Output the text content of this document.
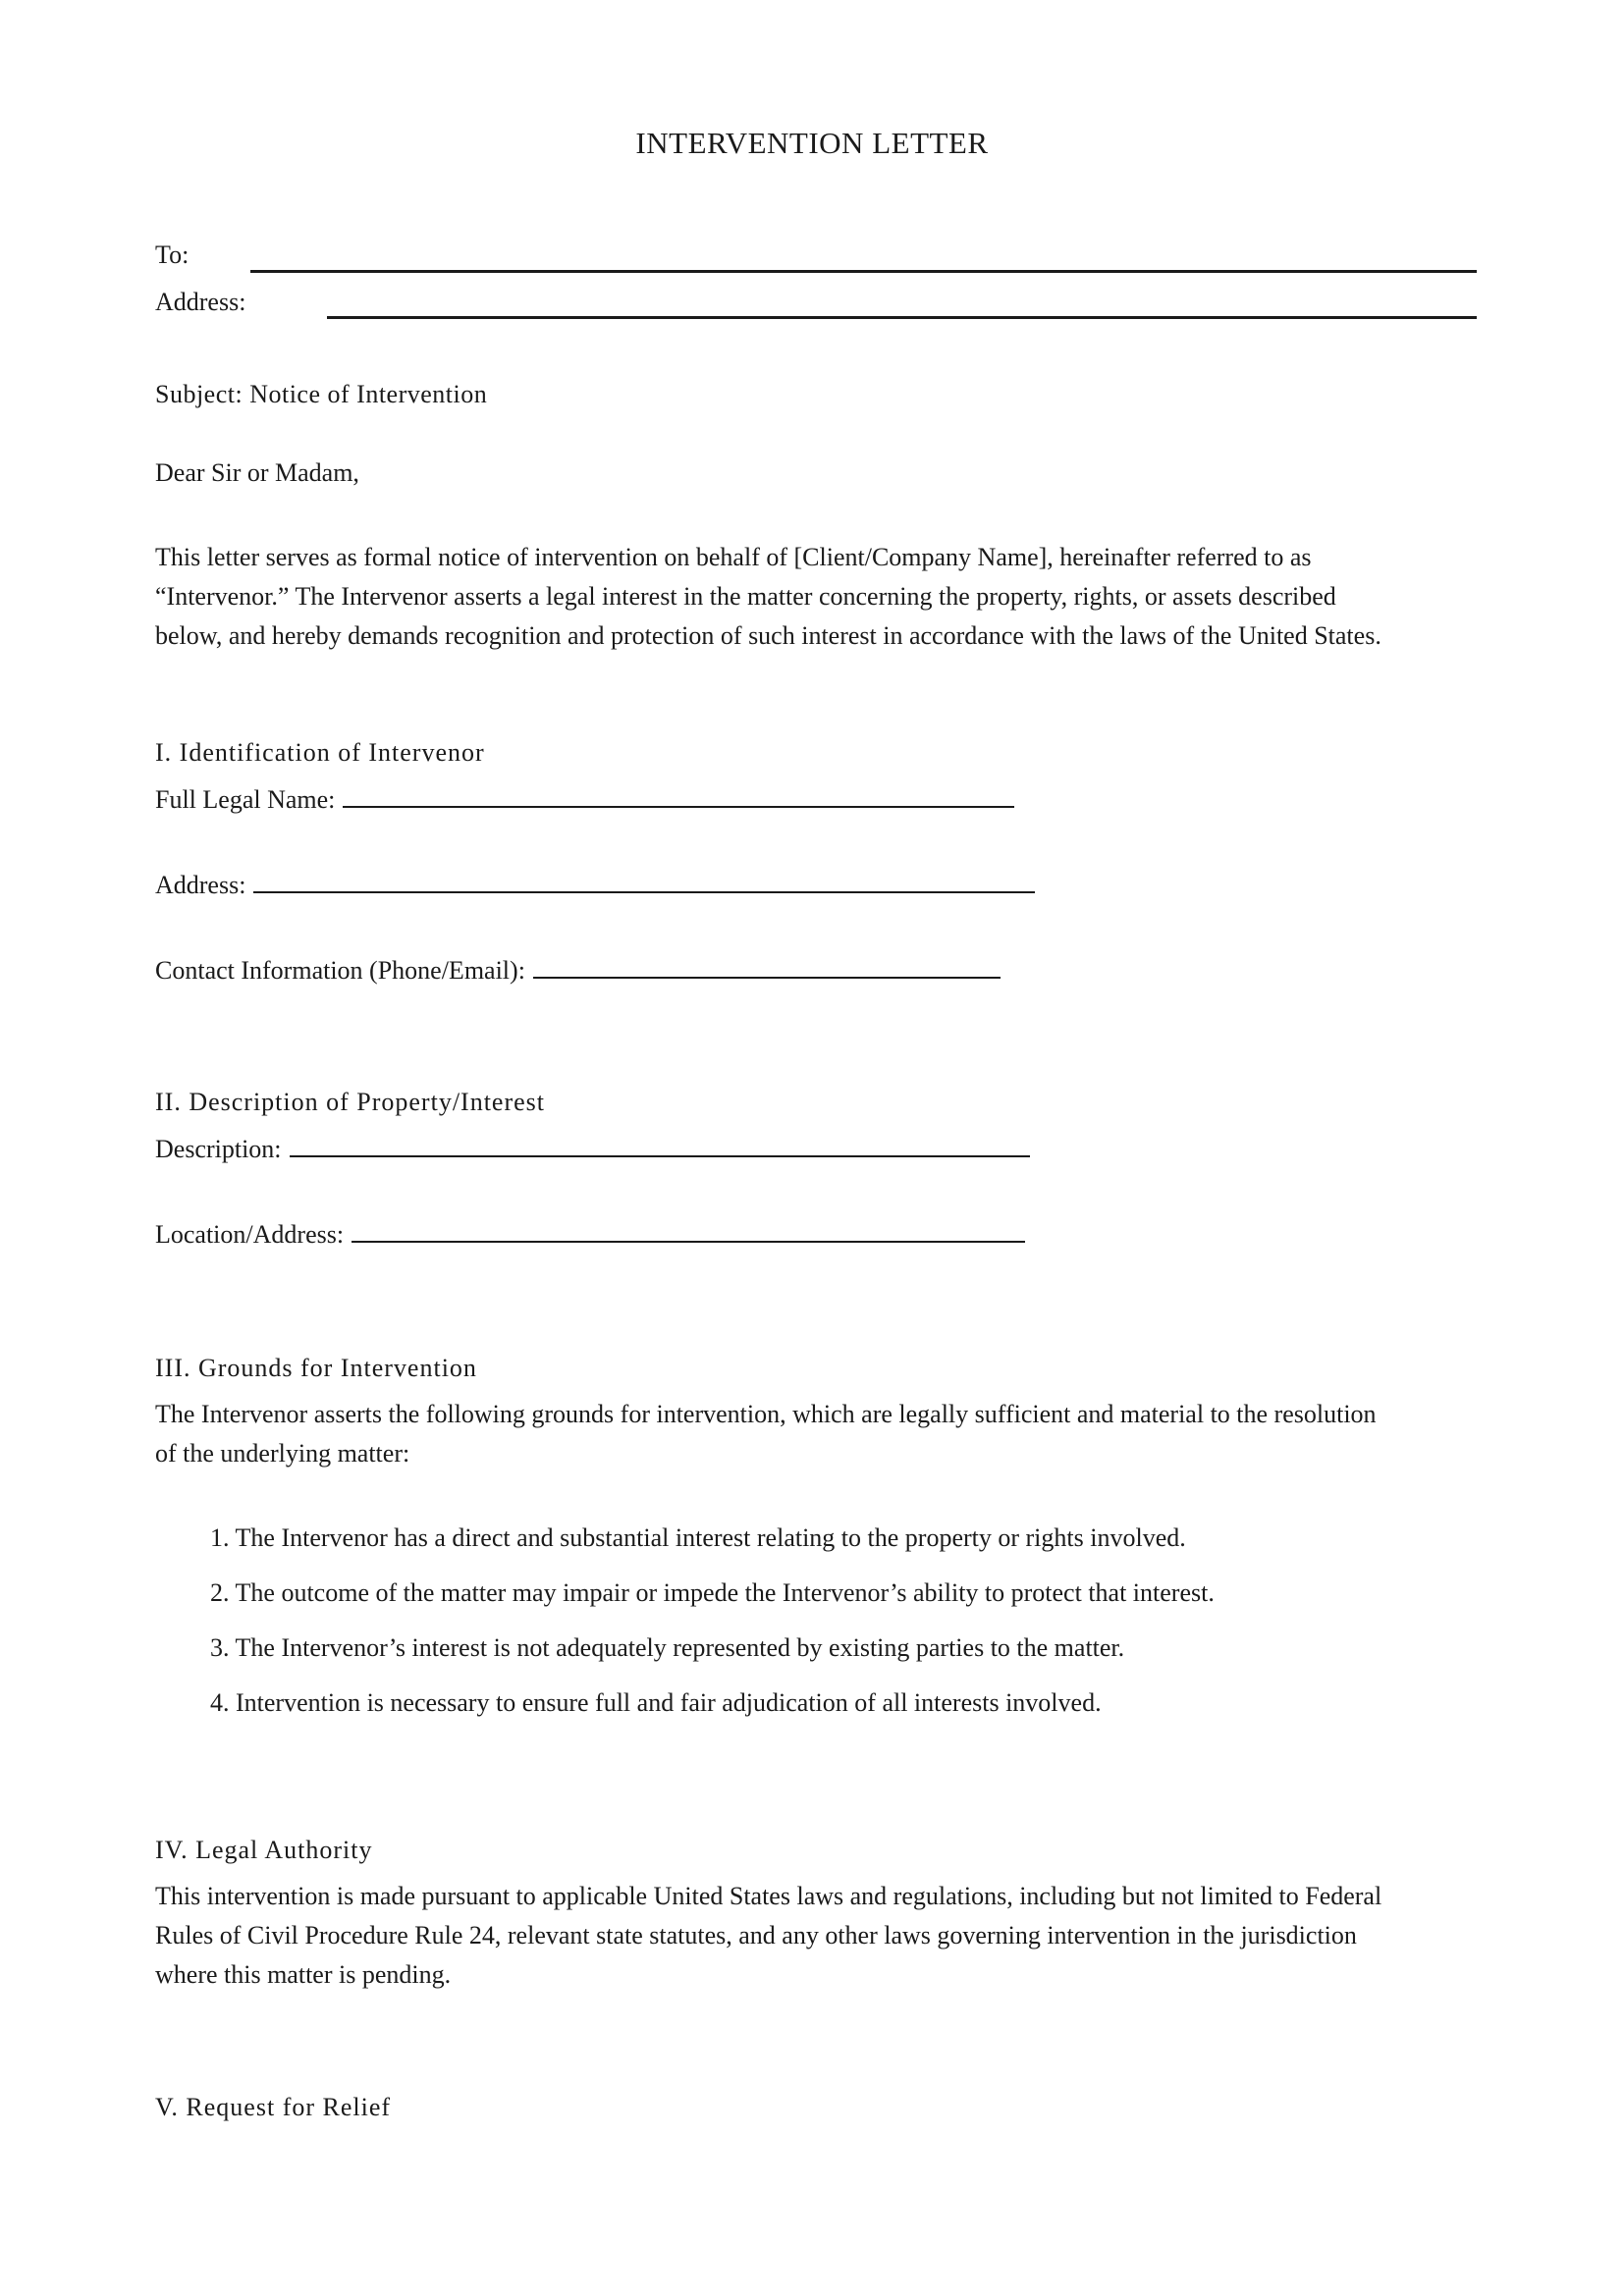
INTERVENTION LETTER
To:
Address:
Subject: Notice of Intervention
Dear Sir or Madam,
This letter serves as formal notice of intervention on behalf of [Client/Company Name], hereinafter referred to as
“Intervenor.” The Intervenor asserts a legal interest in the matter concerning the property, rights, or assets described
below, and hereby demands recognition and protection of such interest in accordance with the laws of the United States.
I. Identification of Intervenor
Full Legal Name:
Address:
Contact Information (Phone/Email):
II. Description of Property/Interest
Description:
Location/Address:
III. Grounds for Intervention
The Intervenor asserts the following grounds for intervention, which are legally sufficient and material to the resolution
of the underlying matter:
1. The Intervenor has a direct and substantial interest relating to the property or rights involved.
2. The outcome of the matter may impair or impede the Intervenor’s ability to protect that interest.
3. The Intervenor’s interest is not adequately represented by existing parties to the matter.
4. Intervention is necessary to ensure full and fair adjudication of all interests involved.
IV. Legal Authority
This intervention is made pursuant to applicable United States laws and regulations, including but not limited to Federal
Rules of Civil Procedure Rule 24, relevant state statutes, and any other laws governing intervention in the jurisdiction
where this matter is pending.
V. Request for Relief
